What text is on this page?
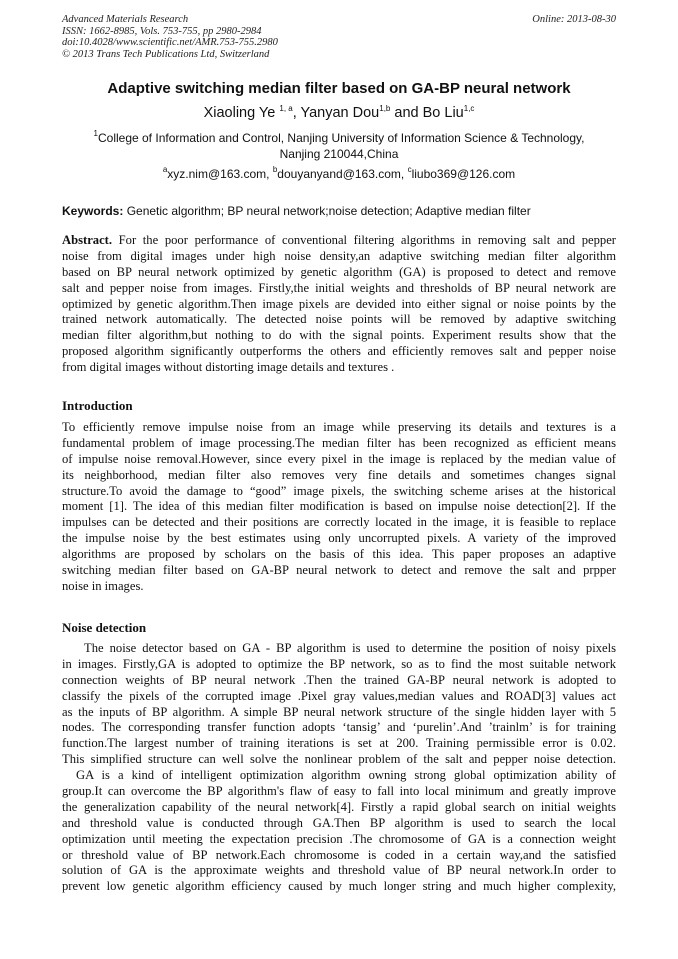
Advanced Materials Research
ISSN: 1662-8985, Vols. 753-755, pp 2980-2984
doi:10.4028/www.scientific.net/AMR.753-755.2980
© 2013 Trans Tech Publications Ltd, Switzerland
Online: 2013-08-30
Adaptive switching median filter based on GA-BP neural network
Xiaoling Ye $^{1, a}$, Yanyan Dou$^{1,b}$ and Bo Liu$^{1,c}$
$^1$College of Information and Control, Nanjing University of Information Science & Technology,
Nanjing 210044,China
$^a$xyz.nim@163.com, $^b$douyanyand@163.com, $^c$liubo369@126.com
Keywords: Genetic algorithm; BP neural network;noise detection; Adaptive median filter
Abstract. For the poor performance of conventional filtering algorithms in removing salt and pepper
noise from digital images under high noise density,an adaptive switching median filter algorithm
based on BP neural network optimized by genetic algorithm (GA) is proposed to detect and remove
salt and pepper noise from images. Firstly,the initial weights and thresholds of BP neural network are
optimized by genetic algorithm.Then image pixels are devided into either signal or noise points by the
trained network automatically. The detected noise points will be removed by adaptive switching
median filter algorithm,but nothing to do with the signal points. Experiment results show that the
proposed algorithm significantly outperforms the others and efficiently removes salt and pepper noise
from digital images without distorting image details and textures .
Introduction
To efficiently remove impulse noise from an image while preserving its details and textures is a
fundamental problem of image processing.The median filter has been recognized as efficient means
of impulse noise removal.However, since every pixel in the image is replaced by the median value of
its neighborhood, median filter also removes very fine details and sometimes changes signal
structure.To avoid the damage to “good” image pixels, the switching scheme arises at the historical
moment [1]. The idea of this median filter modification is based on impulse noise detection[2]. If the
impulses can be detected and their positions are correctly located in the image, it is feasible to replace
the impulse noise by the best estimates using only uncorrupted pixels. A variety of the improved
algorithms are proposed by scholars on the basis of this idea. This paper proposes an adaptive
switching median filter based on GA-BP neural network to detect and remove the salt and prpper
noise in images.
Noise detection
The noise detector based on GA - BP algorithm is used to determine the position of noisy pixels
in images. Firstly,GA is adopted to optimize the BP network, so as to find the most suitable network
connection weights of BP neural network .Then the trained GA-BP neural network is adopted to
classify the pixels of the corrupted image .Pixel gray values,median values and ROAD[3] values act
as the inputs of BP algorithm. A simple BP neural network structure of the single hidden layer with 5
nodes. The corresponding transfer function adopts ‘tansig’ and ‘purelin’.And ’trainlm’ is for training
function.The largest number of training iterations is set at 200. Training permissible error is 0.02.
This simplified structure can well solve the nonlinear problem of the salt and pepper noise detection.
GA is a kind of intelligent optimization algorithm owning strong global optimization ability of
group.It can overcome the BP algorithm's flaw of easy to fall into local minimum and greatly improve
the generalization capability of the neural network[4]. Firstly a rapid global search on initial weights
and threshold value is conducted through GA.Then BP algorithm is used to search the local
optimization until meeting the expectation precision .The chromosome of GA is a connection weight
or threshold value of BP network.Each chromosome is coded in a certain way,and the satisfied
solution of GA is the approximate weights and threshold value of BP neural network.In order to
prevent low genetic algorithm efficiency caused by much longer string and much higher complexity,
